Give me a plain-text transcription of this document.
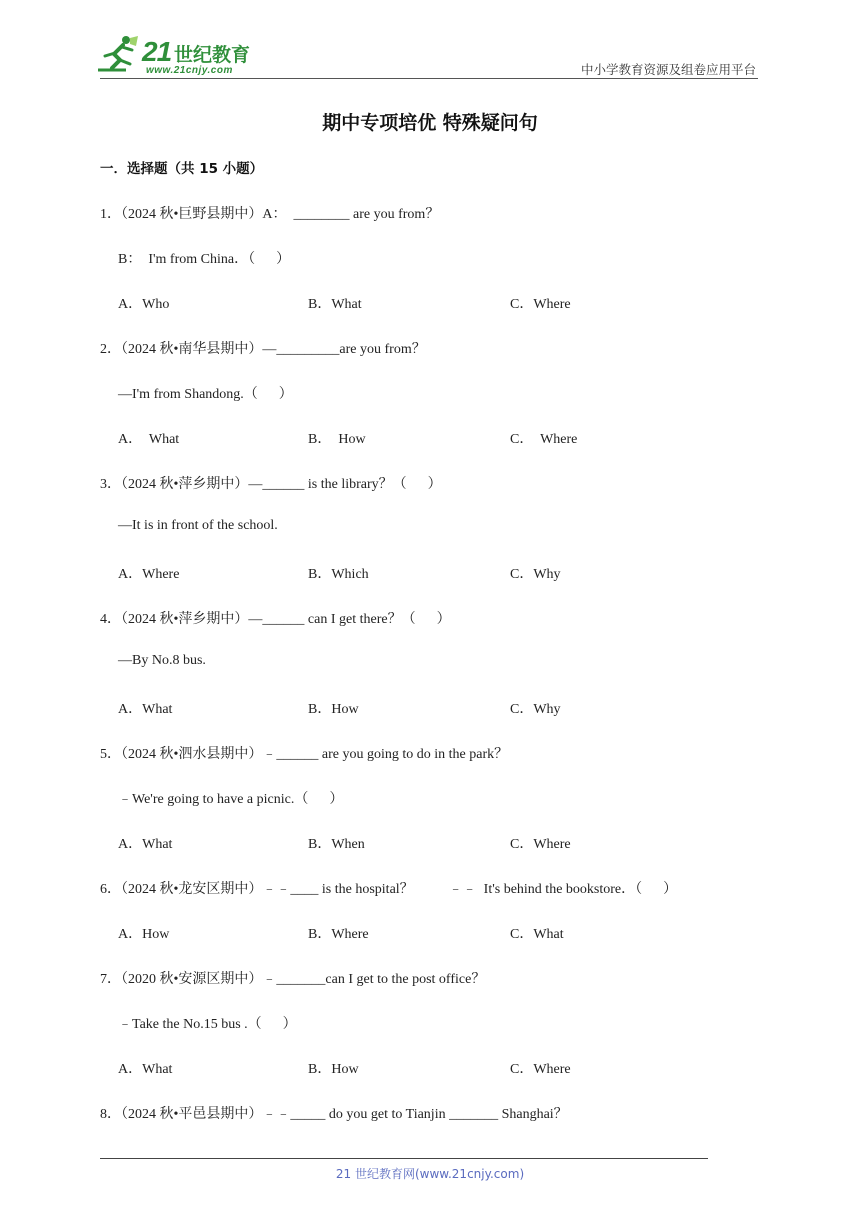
21 世纪教育
www.21cnjy.com	中小学教育资源及组卷应用平台
期中专项培优 特殊疑问句
一．选择题（共 15 小题）
1．（2024 秋•巨野县期中）A：  ________ are you from？
B：  I'm from China．（      ）
A．Who	B．What	C．Where
2．（2024 秋•南华县期中）—_________are you from？
—I'm from Shandong.（      ）
A．  What	B．  How	C．  Where
3．（2024 秋•萍乡期中）—______ is the library？（      ）
—It is in front of the school.
A．Where	B．Which	C．Why
4．（2024 秋•萍乡期中）—______ can I get there？（      ）
—By No.8 bus.
A．What	B．How	C．Why
5．（2024 秋•泗水县期中）﹣______ are you going to do in the park？
﹣We're going to have a picnic.（      ）
A．What	B．When	C．Where
6．（2024 秋•龙安区期中）﹣﹣____ is the hospital？          ﹣﹣  It's behind the bookstore．（      ）
A．How	B．Where	C．What
7．（2020 秋•安源区期中）﹣_______can I get to the post office？
﹣Take the No.15 bus .（      ）
A．What	B．How	C．Where
8．（2024 秋•平邑县期中）﹣﹣_____ do you get to Tianjin _______ Shanghai？
21 世纪教育网(www.21cnjy.com)
